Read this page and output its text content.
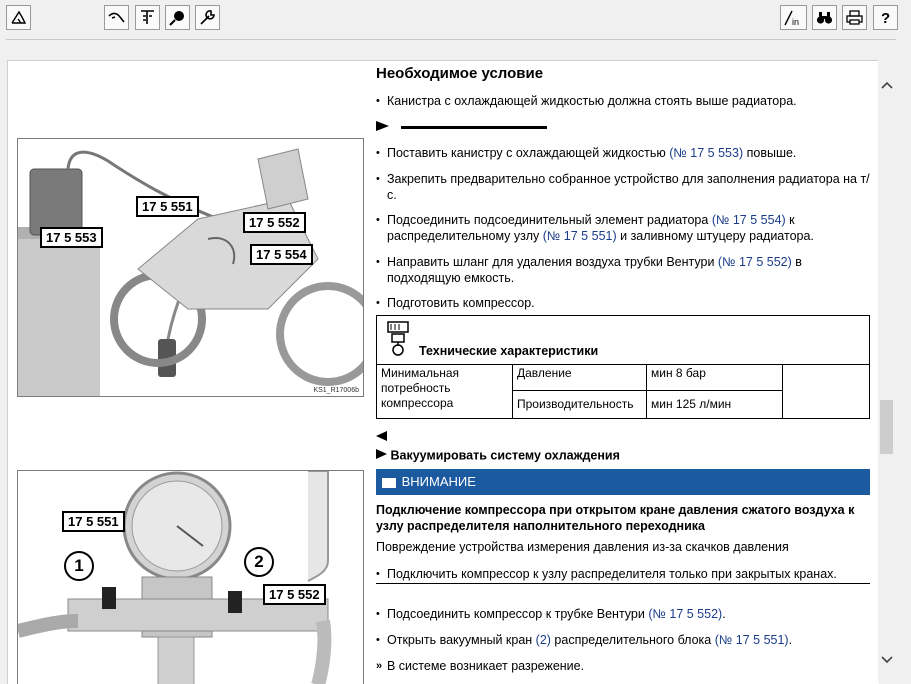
in	?
17 5 551
17 5 552
17 5 553
17 5 554
KS1_R17006b
17 5 551
17 5 552
1	2
Необходимое условие
• Канистра с охлаждающей жидкостью должна стоять выше радиатора.

• Поставить канистру с охлаждающей жидкостью (№ 17 5 553) повыше.
• Закрепить предварительно собранное устройство для заполнения радиатора на т/с.
• Подсоединить подсоединительный элемент радиатора (№ 17 5 554) к
распределительному узлу (№ 17 5 551) и заливному штуцеру радиатора.
• Направить шланг для удаления воздуха трубки Вентури (№ 17 5 552) в
подходящую емкость.
• Подготовить компрессор.
Технические характеристики
Минимальная потребность компрессора
Давление	мин 8 бар
Производительность	мин 125 л/мин
Вакуумировать систему охлаждения
ВНИМАНИЕ
Подключение компрессора при открытом кране давления сжатого воздуха к узлу распределителя наполнительного переходника
Повреждение устройства измерения давления из-за скачков давления
• Подключить компрессор к узлу распределителя только при закрытых кранах.
• Подсоединить компрессор к трубке Вентури (№ 17 5 552).
• Открыть вакуумный кран (2) распределительного блока (№ 17 5 551).
» В системе возникает разрежение.
